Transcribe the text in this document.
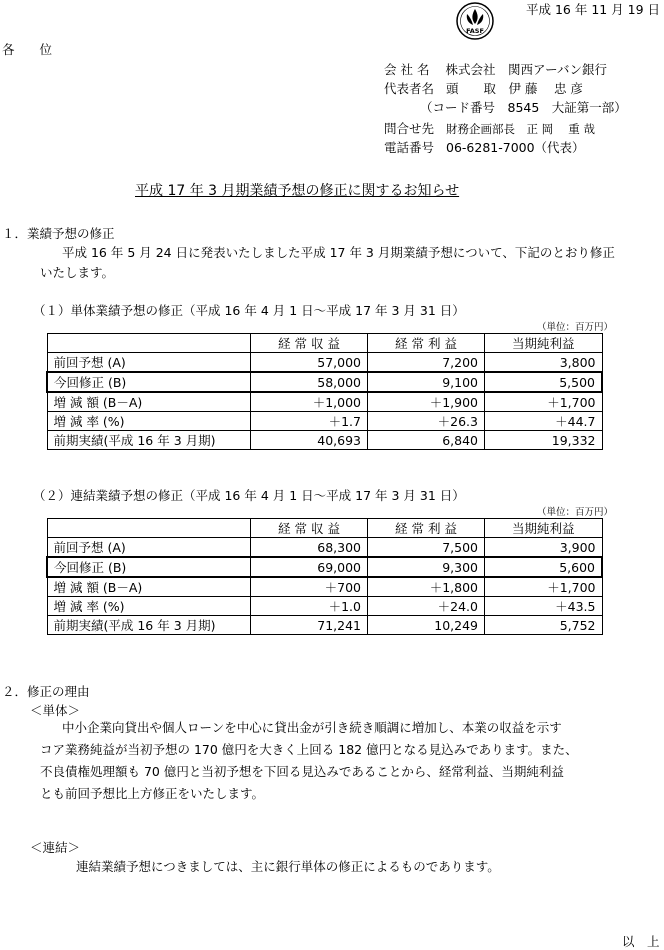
平成 16 年 11 月 19 日
各　　位
FASF
会 社 名 株式会社　関西アーバン銀行
代表者名 頭　　取　伊 藤　 忠 彦
（コード番号　8545　大証第一部）
問合せ先 財務企画部長　正 岡　 重 哉
電話番号 06-6281-7000（代表）
平成 17 年 3 月期業績予想の修正に関するお知らせ
１．業績予想の修正
平成 16 年 5 月 24 日に発表いたしました平成 17 年 3 月期業績予想について、下記のとおり修正
いたします。
（１）単体業績予想の修正（平成 16 年 4 月 1 日～平成 17 年 3 月 31 日）
（単位：百万円）
	経 常 収 益	経 常 利 益	当期純利益
前回予想 (A)	57,000	7,200	3,800
今回修正 (B)	58,000	9,100	5,500
増 減 額 (B－A)	＋1,000	＋1,900	＋1,700
増 減 率 (%)	＋1.7	＋26.3	＋44.7
前期実績(平成 16 年 3 月期)	40,693	6,840	19,332
（２）連結業績予想の修正（平成 16 年 4 月 1 日～平成 17 年 3 月 31 日）
（単位：百万円）
	経 常 収 益	経 常 利 益	当期純利益
前回予想 (A)	68,300	7,500	3,900
今回修正 (B)	69,000	9,300	5,600
増 減 額 (B－A)	＋700	＋1,800	＋1,700
増 減 率 (%)	＋1.0	＋24.0	＋43.5
前期実績(平成 16 年 3 月期)	71,241	10,249	5,752
２．修正の理由
＜単体＞
中小企業向貸出や個人ローンを中心に貸出金が引き続き順調に増加し、本業の収益を示す
コア業務純益が当初予想の 170 億円を大きく上回る 182 億円となる見込みであります。また、
不良債権処理額も 70 億円と当初予想を下回る見込みであることから、経常利益、当期純利益
とも前回予想比上方修正をいたします。
＜連結＞
連結業績予想につきましては、主に銀行単体の修正によるものであります。
以　上
